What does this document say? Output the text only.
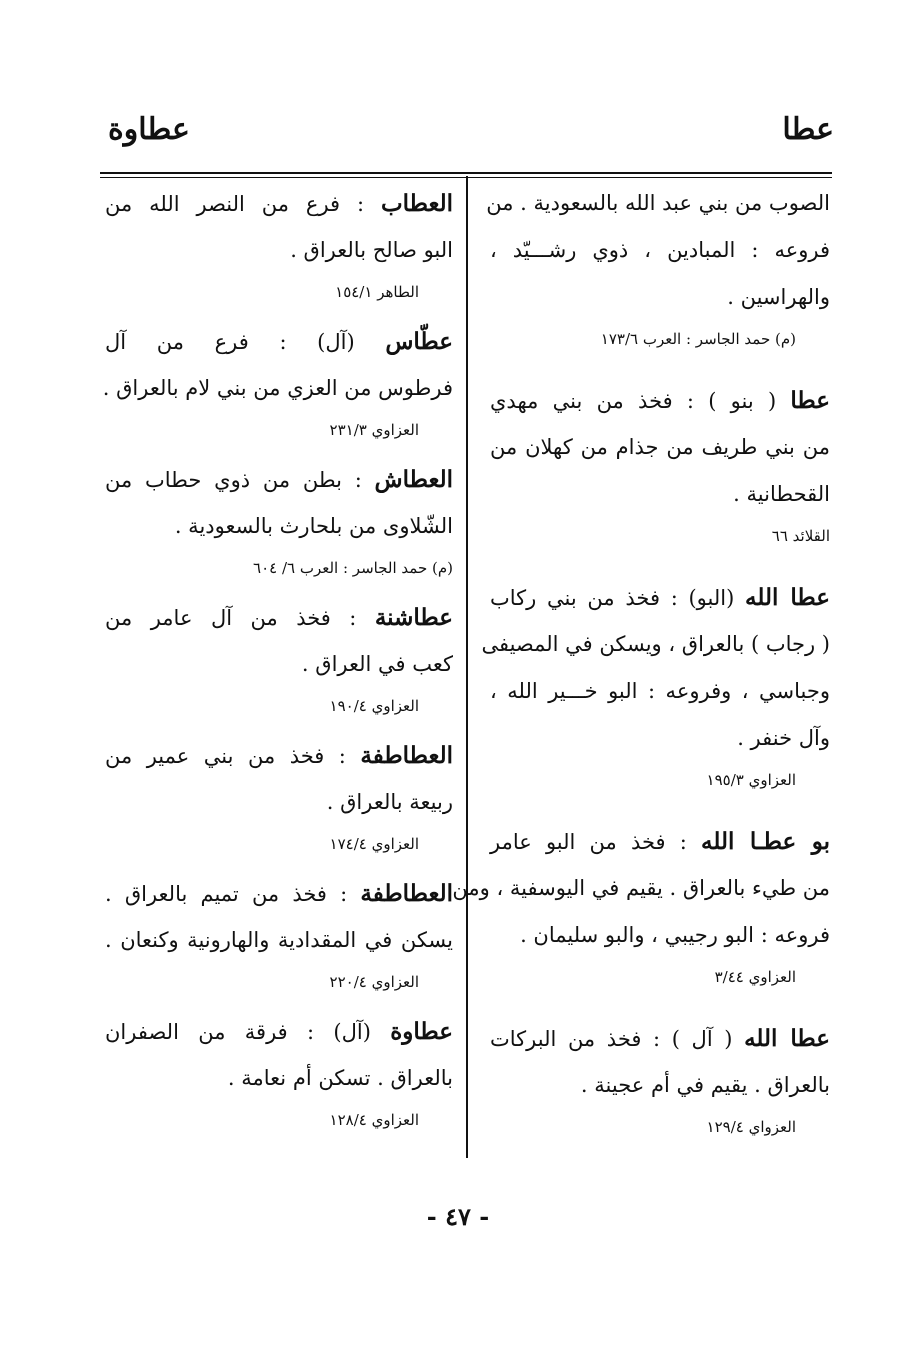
عطا
عطاوة
الصوب من بني عبد الله بالسعودية . من
فروعه : المبادين ، ذوي رشـــيّد ،
والهراسين .
(م) حمد الجاسر : العرب ١٧٣/٦
عطا ( بنو ) : فخذ من بني مهدي
من بني طريف من جذام من كهلان من
القحطانية .
القلائد ٦٦
عطا الله (البو) : فخذ من بني ركاب
( رجاب ) بالعراق ، ويسكن في المصيفى
وجباسي ، وفروعه : البو خـــير الله ،
وآل خنفر .
العزاوي ١٩٥/٣
بو عطـا الله : فخذ من البو عامر
من طيء بالعراق . يقيم في اليوسفية ، ومن
فروعه : البو رجيبي ، والبو سليمان .
العزاوي ٣/٤٤
عطا الله ( آل ) : فخذ من البركات
بالعراق . يقيم في أم عجينة .
العزواي ١٢٩/٤
العطاب : فرع من النصر الله من
البو صالح بالعراق .
الطاهر ١٥٤/١
عطّاس (آل) : فرع من آل
فرطوس من العزي من بني لام بالعراق .
العزاوي ٢٣١/٣
العطاش : بطن من ذوي حطاب من
الشّلاوى من بلحارث بالسعودية .
(م) حمد الجاسر : العرب ٦/ ٦٠٤
عطاشنة : فخذ من آل عامر من
كعب في العراق .
العزاوي ١٩٠/٤
العطاطفة : فخذ من بني عمير من
ربيعة بالعراق .
العزاوي ١٧٤/٤
العطاطفة : فخذ من تميم بالعراق .
يسكن في المقدادية والهارونية وكنعان .
العزاوي ٢٢٠/٤
عطاوة (آل) : فرقة من الصفران
بالعراق . تسكن أم نعامة .
العزاوي ١٢٨/٤
- ٤٧ -
